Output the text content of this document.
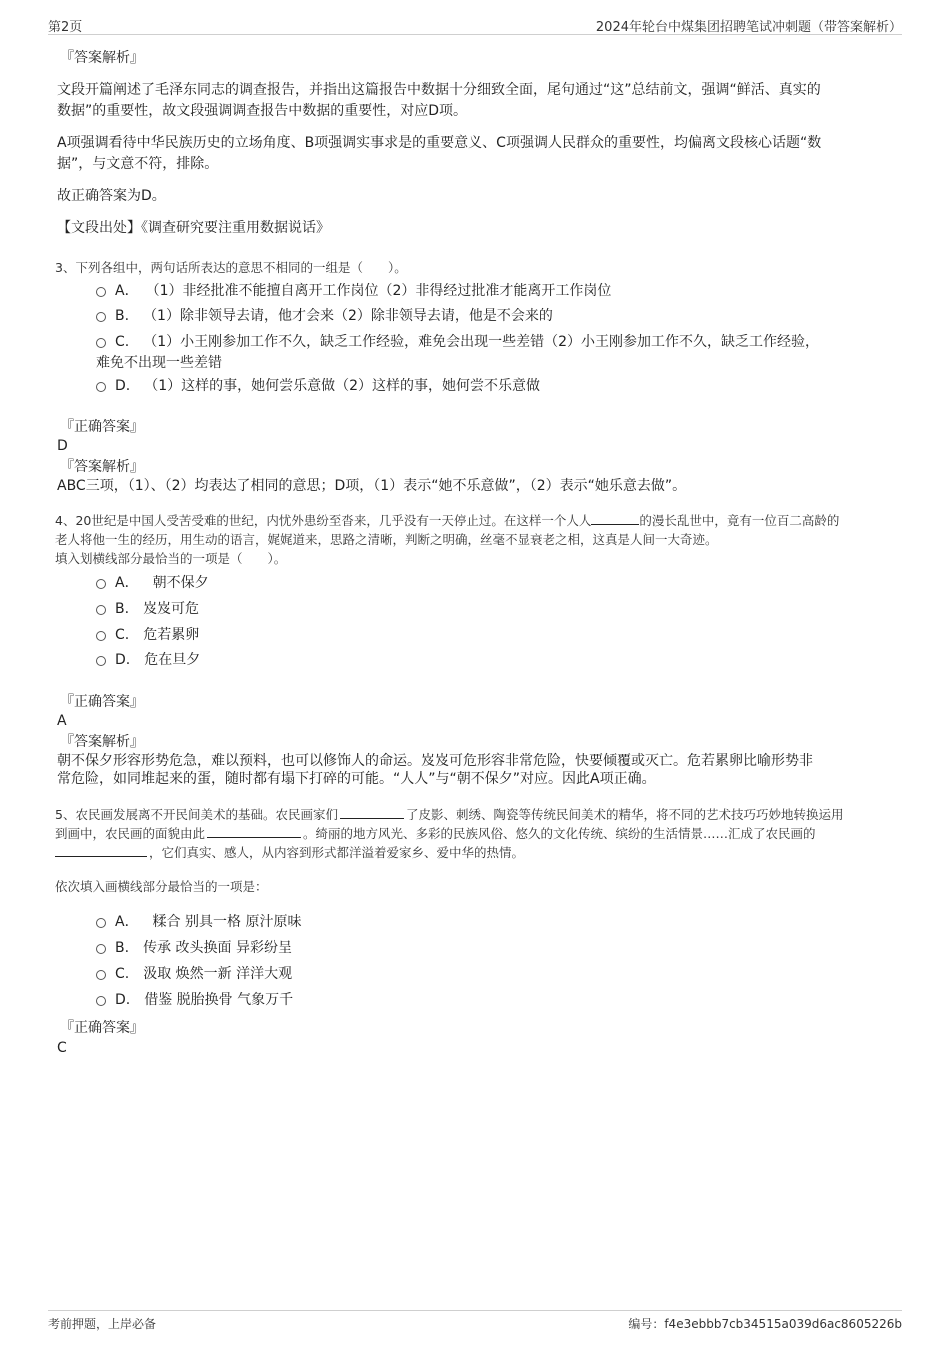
第2页	2024年轮台中煤集团招聘笔试冲刺题（带答案解析）
『答案解析』
文段开篇阐述了毛泽东同志的调查报告，并指出这篇报告中数据十分细致全面，尾句通过“这”总结前文，强调“鲜活、真实的
数据”的重要性，故文段强调调查报告中数据的重要性，对应D项。
A项强调看待中华民族历史的立场角度、B项强调实事求是的重要意义、C项强调人民群众的重要性，均偏离文段核心话题“数
据”，与文意不符，排除。
故正确答案为D。
【文段出处】《调查研究要注重用数据说话》
3、下列各组中，两句话所表达的意思不相同的一组是（　　）。
A． （1）非经批准不能擅自离开工作岗位（2）非得经过批准才能离开工作岗位
B. （1）除非领导去请，他才会来（2）除非领导去请，他是不会来的
C. （1）小王刚参加工作不久，缺乏工作经验，难免会出现一些差错（2）小王刚参加工作不久，缺乏工作经验，
难免不出现一些差错
D. （1）这样的事，她何尝乐意做（2）这样的事，她何尝不乐意做
『正确答案』
D
『答案解析』
ABC三项，（1）、（2）均表达了相同的意思；D项，（1）表示“她不乐意做”，（2）表示“她乐意去做”。
4、20世纪是中国人受苦受难的世纪，内忧外患纷至沓来，几乎没有一天停止过。在这样一个人人	的漫长乱世中，竟有一位百二高龄的
老人将他一生的经历，用生动的语言，娓娓道来，思路之清晰，判断之明确，丝毫不显衰老之相，这真是人间一大奇迹。
填入划横线部分最恰当的一项是（　　）。
A． 朝不保夕
B. 岌岌可危
C. 危若累卵
D. 危在旦夕
『正确答案』
A
『答案解析』
朝不保夕形容形势危急，难以预料，也可以修饰人的命运。岌岌可危形容非常危险，快要倾覆或灭亡。危若累卵比喻形势非
常危险，如同堆起来的蛋，随时都有塌下打碎的可能。“人人”与“朝不保夕”对应。因此A项正确。
5、农民画发展离不开民间美术的基础。农民画家们	了皮影、刺绣、陶瓷等传统民间美术的精华，将不同的艺术技巧巧妙地转换运用
到画中，农民画的面貌由此	。绮丽的地方风光、多彩的民族风俗、悠久的文化传统、缤纷的生活情景……汇成了农民画的
，它们真实、感人，从内容到形式都洋溢着爱家乡、爱中华的热情。
依次填入画横线部分最恰当的一项是：
A． 糅合 别具一格 原汁原味
B. 传承 改头换面 异彩纷呈
C. 汲取 焕然一新 洋洋大观
D. 借鉴 脱胎换骨 气象万千
『正确答案』
C
考前押题，上岸必备	编号：f4e3ebbb7cb34515a039d6ac8605226b
